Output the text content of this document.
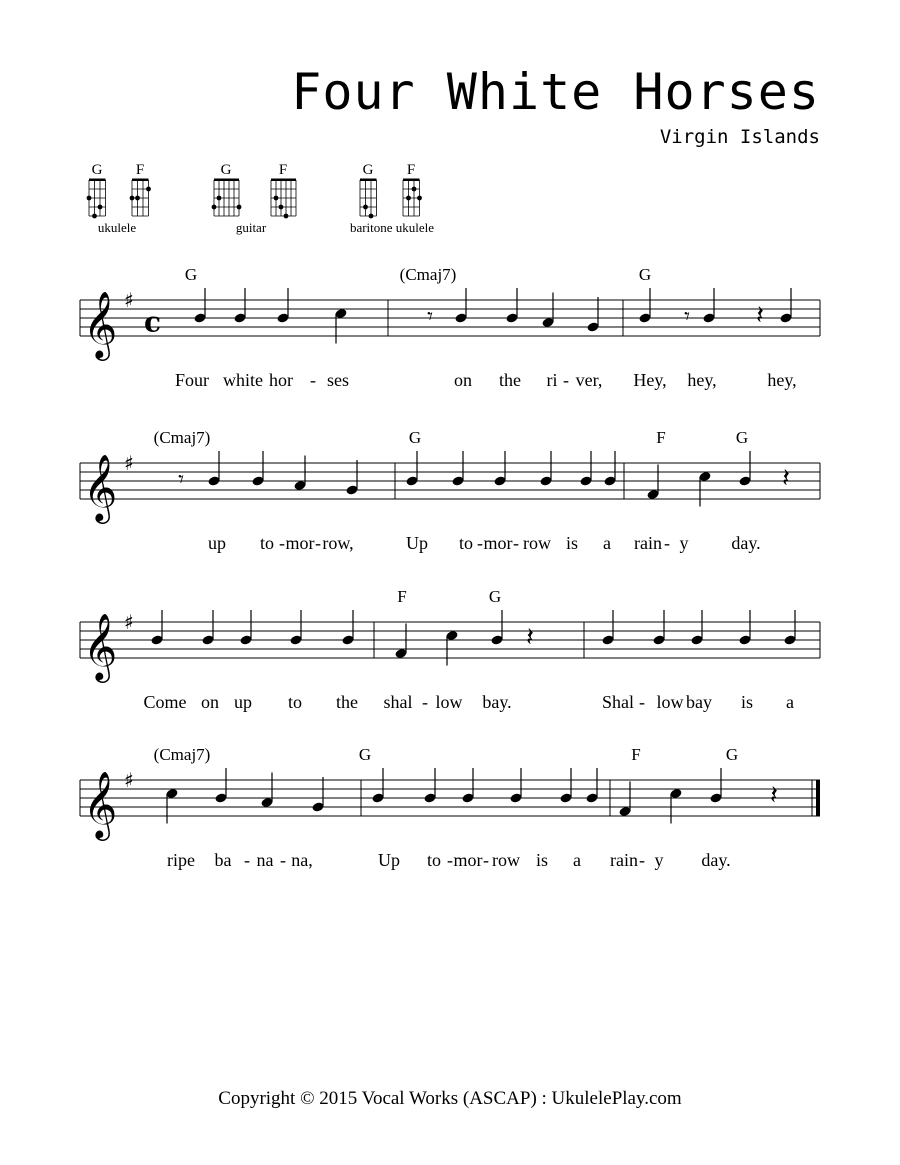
Four White Horses
Virgin Islands
G F
ukulele
G	F
guitar
G F
baritone ukulele
𝄞 ♯
c	𝄾	𝄾	𝄽
G	(Cmaj7)	G
Four white hor - ses	on the ri - ver, Hey, hey,	hey,
𝄞 ♯
𝄾	𝄽
(Cmaj7)	G	F	G
up to - mor - row,	Up to - mor - row is a rain - y day.
𝄞 ♯
𝄽
F	G
Come on up to the shal - low bay.	Shal - low bay is a
𝄞 ♯
𝄽
(Cmaj7)	G	F	G
ripe ba - na - na,	Up to - mor - row is a rain - y day.
Copyright © 2015 Vocal Works (ASCAP) : UkulelePlay.com
